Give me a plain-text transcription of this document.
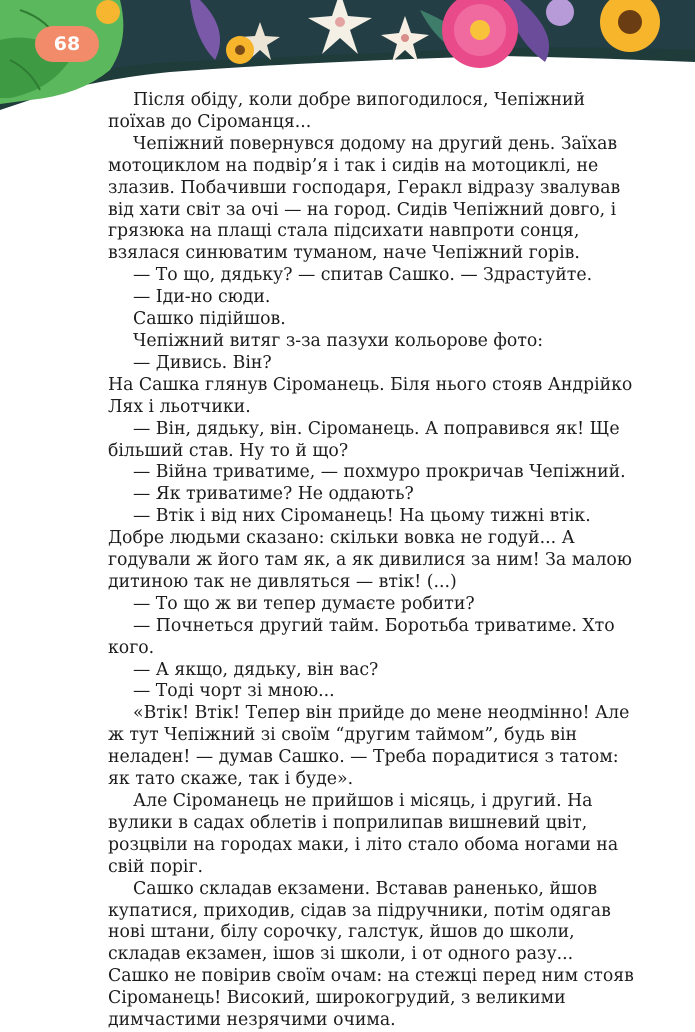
68

Після обіду, коли добре випогодилося, Чепіжний поїхав до Сіроманця...

Чепіжний повернувся додому на другий день. Заїхав мотоциклом на подвір’я і так і сидів на мотоциклі, не злазив. Побачивши господаря, Геракл відразу звалував від хати світ за очі — на город. Сидів Чепіжний довго, і грязюка на плащі стала підсихати навпроти сонця, взялася синюватим туманом, наче Чепіжний горів.

— То що, дядьку? — спитав Сашко. — Здрастуйте.

— Іди-но сюди.

Сашко підійшов.

Чепіжний витяг з-за пазухи кольорове фото:

— Дивись. Він?

На Сашка глянув Сіроманець. Біля нього стояв Андрійко Лях і льотчики.

— Він, дядьку, він. Сіроманець. А поправився як! Ще більший став. Ну то й що?

— Війна триватиме, — похмуро прокричав Чепіжний.

— Як триватиме? Не оддають?

— Втік і від них Сіроманець! На цьому тижні втік. Добре людьми сказано: скільки вовка не годуй... А годували ж його там як, а як дивилися за ним! За малою дитиною так не дивляться — втік! (...)

— То що ж ви тепер думаєте робити?

— Почнеться другий тайм. Боротьба триватиме. Хто кого.

— А якщо, дядьку, він вас?

— Тоді чорт зі мною...

«Втік! Втік! Тепер він прийде до мене неодмінно! Але ж тут Чепіжний зі своїм “другим таймом”, будь він неладен! — думав Сашко. — Треба порадитися з татом: як тато скаже, так і буде».

Але Сіроманець не прийшов і місяць, і другий. На вулики в садах облетів і поприлипав вишневий цвіт, розцвіли на городах маки, і літо стало обома ногами на свій поріг.

Сашко складав екзамени. Вставав раненько, йшов купатися, приходив, сідав за підручники, потім одягав нові штани, білу сорочку, галстук, йшов до школи, складав екзамен, ішов зі школи, і от одного разу... Сашко не повірив своїм очам: на стежці перед ним стояв Сіроманець! Високий, широкогрудий, з великими димчастими незрячими очима.
